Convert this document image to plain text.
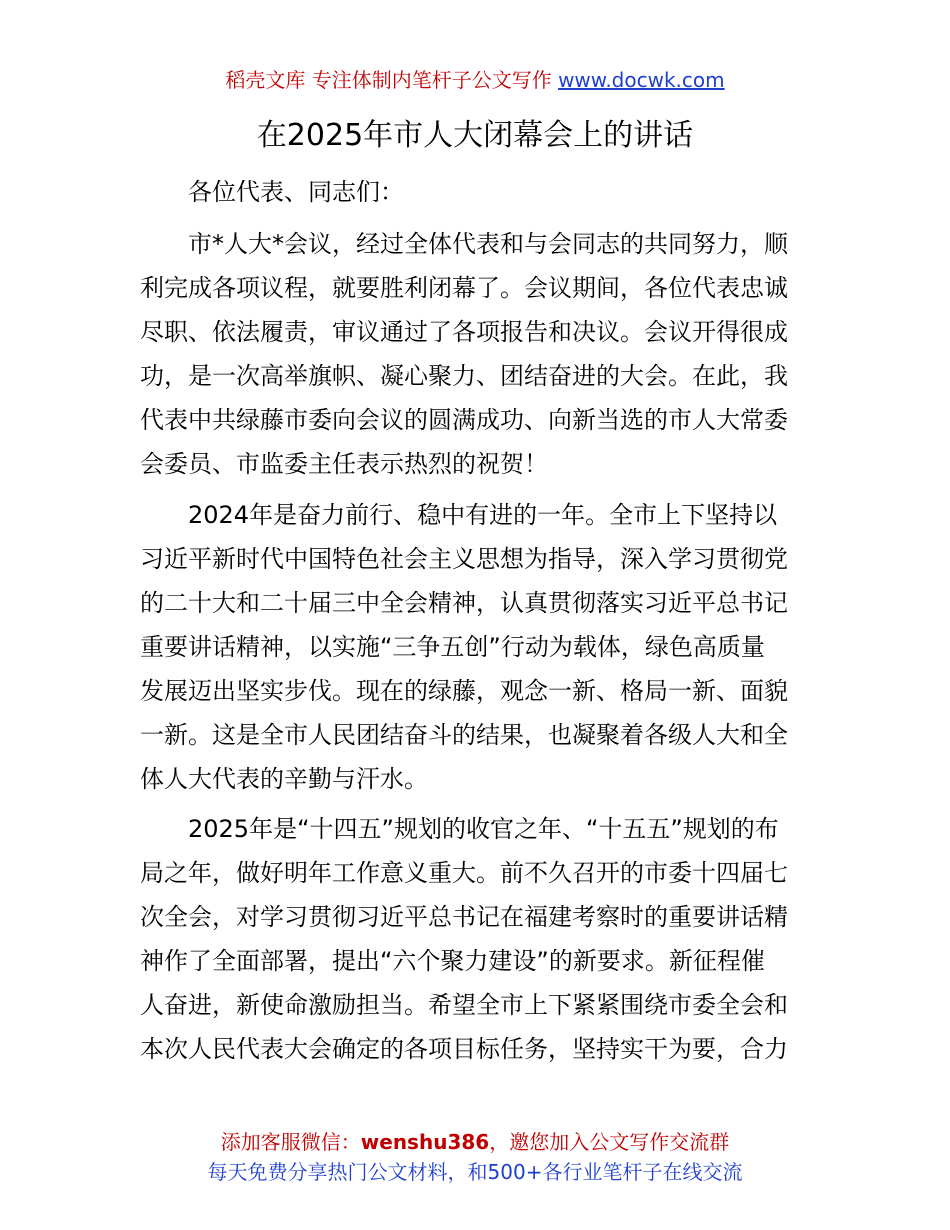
稻壳文库 专注体制内笔杆子公文写作 www.docwk.com
在2025年市人大闭幕会上的讲话
各位代表、同志们：
市*人大*会议，经过全体代表和与会同志的共同努力，顺
利完成各项议程，就要胜利闭幕了。会议期间，各位代表忠诚
尽职、依法履责，审议通过了各项报告和决议。会议开得很成
功，是一次高举旗帜、凝心聚力、团结奋进的大会。在此，我
代表中共绿藤市委向会议的圆满成功、向新当选的市人大常委
会委员、市监委主任表示热烈的祝贺！
2024年是奋力前行、稳中有进的一年。全市上下坚持以
习近平新时代中国特色社会主义思想为指导，深入学习贯彻党
的二十大和二十届三中全会精神，认真贯彻落实习近平总书记
重要讲话精神，以实施“三争五创”行动为载体，绿色高质量
发展迈出坚实步伐。现在的绿藤，观念一新、格局一新、面貌
一新。这是全市人民团结奋斗的结果，也凝聚着各级人大和全
体人大代表的辛勤与汗水。
2025年是“十四五”规划的收官之年、“十五五”规划的布
局之年，做好明年工作意义重大。前不久召开的市委十四届七
次全会，对学习贯彻习近平总书记在福建考察时的重要讲话精
神作了全面部署，提出“六个聚力建设”的新要求。新征程催
人奋进，新使命激励担当。希望全市上下紧紧围绕市委全会和
本次人民代表大会确定的各项目标任务，坚持实干为要，合力
添加客服微信：wenshu386，邀您加入公文写作交流群
每天免费分享热门公文材料，和500+各行业笔杆子在线交流
